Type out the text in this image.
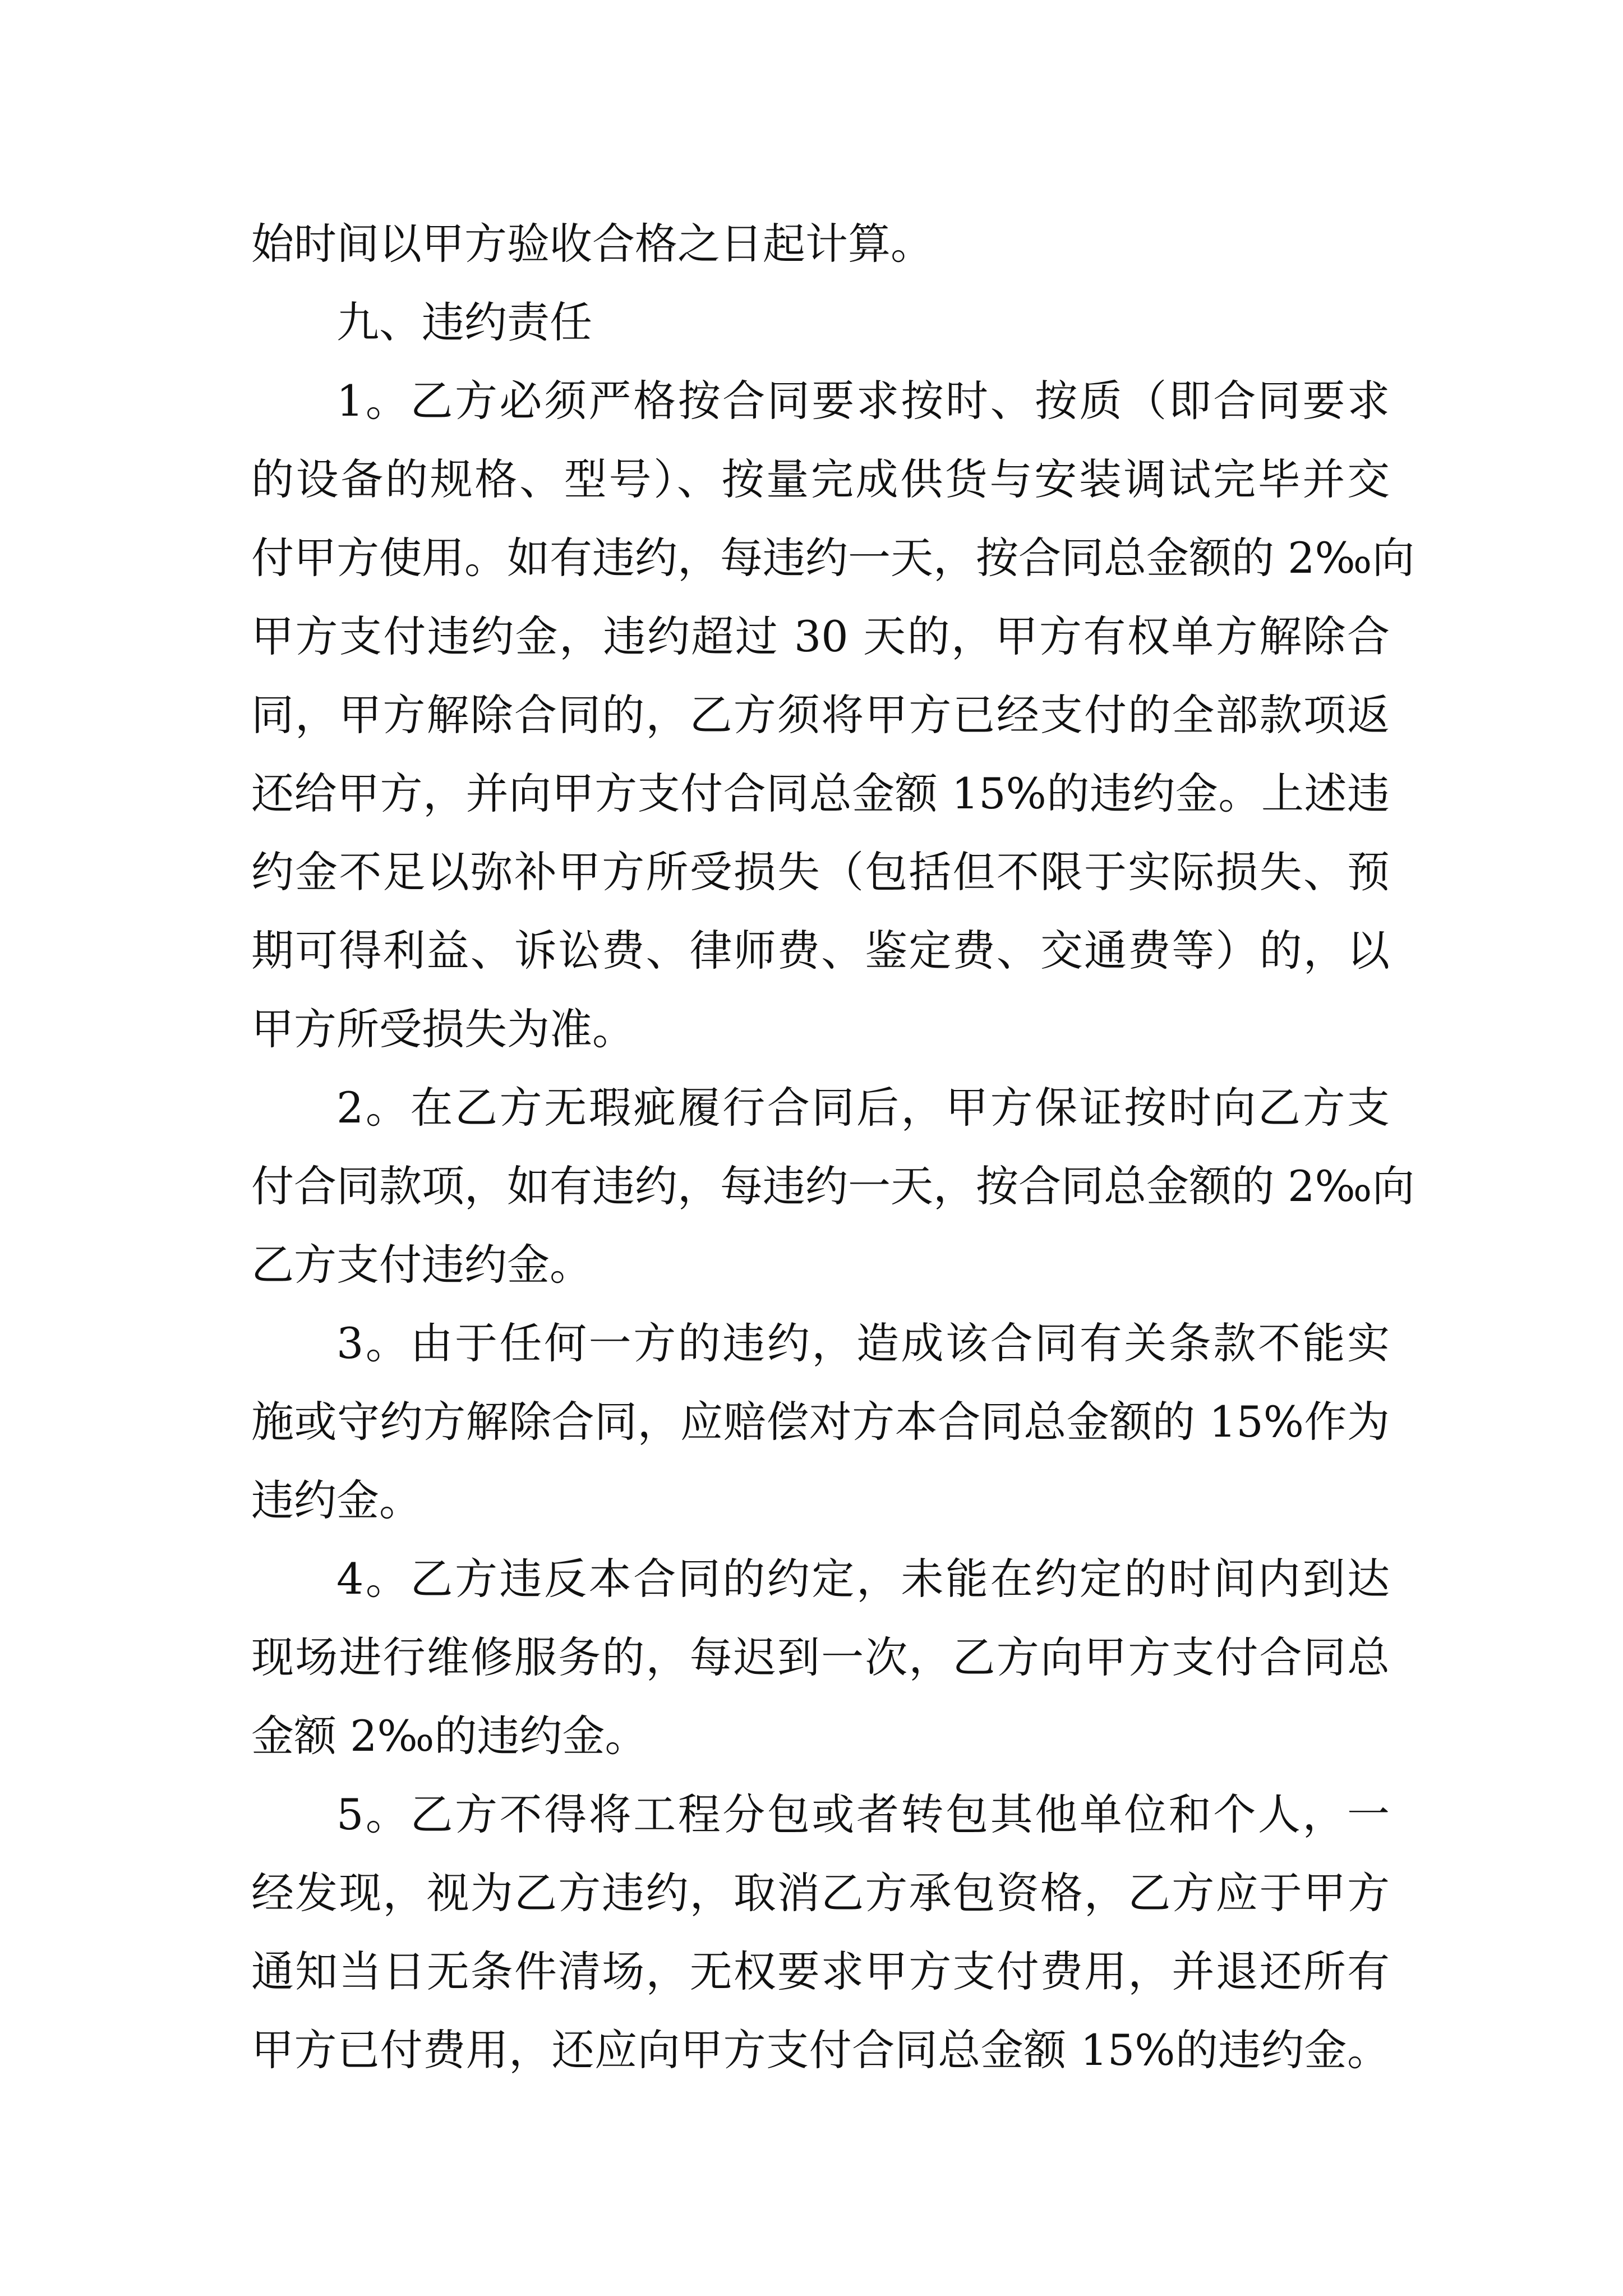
始时间以甲方验收合格之日起计算。

九、违约责任

1。乙方必须严格按合同要求按时、按质（即合同要求

的设备的规格、型号）、按量完成供货与安装调试完毕并交

付甲方使用。如有违约，每违约一天，按合同总金额的 2‰向

甲方支付违约金，违约超过 30 天的，甲方有权单方解除合

同，甲方解除合同的，乙方须将甲方已经支付的全部款项返

还给甲方，并向甲方支付合同总金额 15%的违约金。上述违

约金不足以弥补甲方所受损失（包括但不限于实际损失、预

期可得利益、诉讼费、律师费、鉴定费、交通费等）的，以

甲方所受损失为准。

2。在乙方无瑕疵履行合同后，甲方保证按时向乙方支

付合同款项，如有违约，每违约一天，按合同总金额的 2‰向

乙方支付违约金。

3。由于任何一方的违约，造成该合同有关条款不能实

施或守约方解除合同，应赔偿对方本合同总金额的 15%作为

违约金。

4。乙方违反本合同的约定，未能在约定的时间内到达

现场进行维修服务的，每迟到一次，乙方向甲方支付合同总

金额 2‰的违约金。

5。乙方不得将工程分包或者转包其他单位和个人，一

经发现，视为乙方违约，取消乙方承包资格，乙方应于甲方

通知当日无条件清场，无权要求甲方支付费用，并退还所有

甲方已付费用，还应向甲方支付合同总金额 15%的违约金。
